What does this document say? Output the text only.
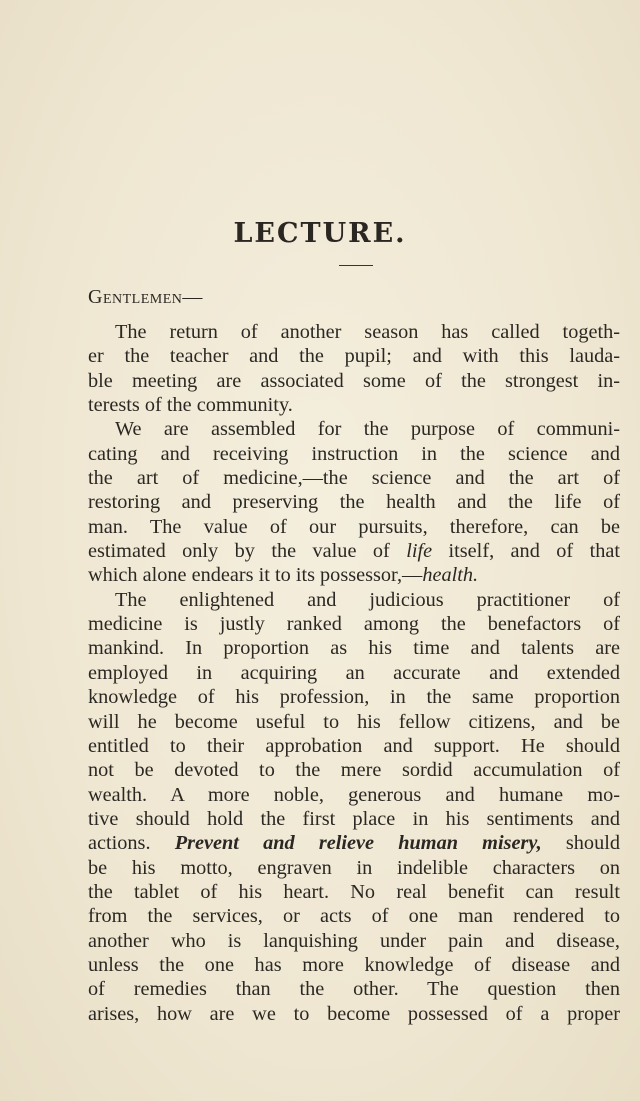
LECTURE.
Gentlemen—
The return of another season has called togeth-
er the teacher and the pupil; and with this lauda-
ble meeting are associated some of the strongest in-
terests of the community.
We are assembled for the purpose of communi-
cating and receiving instruction in the science and
the art of medicine,—the science and the art of
restoring and preserving the health and the life of
man. The value of our pursuits, therefore, can be
estimated only by the value of life itself, and of that
which alone endears it to its possessor,—health.
The enlightened and judicious practitioner of
medicine is justly ranked among the benefactors of
mankind. In proportion as his time and talents are
employed in acquiring an accurate and extended
knowledge of his profession, in the same proportion
will he become useful to his fellow citizens, and be
entitled to their approbation and support. He should
not be devoted to the mere sordid accumulation of
wealth. A more noble, generous and humane mo-
tive should hold the first place in his sentiments and
actions. Prevent and relieve human misery, should
be his motto, engraven in indelible characters on
the tablet of his heart. No real benefit can result
from the services, or acts of one man rendered to
another who is lanquishing under pain and disease,
unless the one has more knowledge of disease and
of remedies than the other. The question then
arises, how are we to become possessed of a proper
